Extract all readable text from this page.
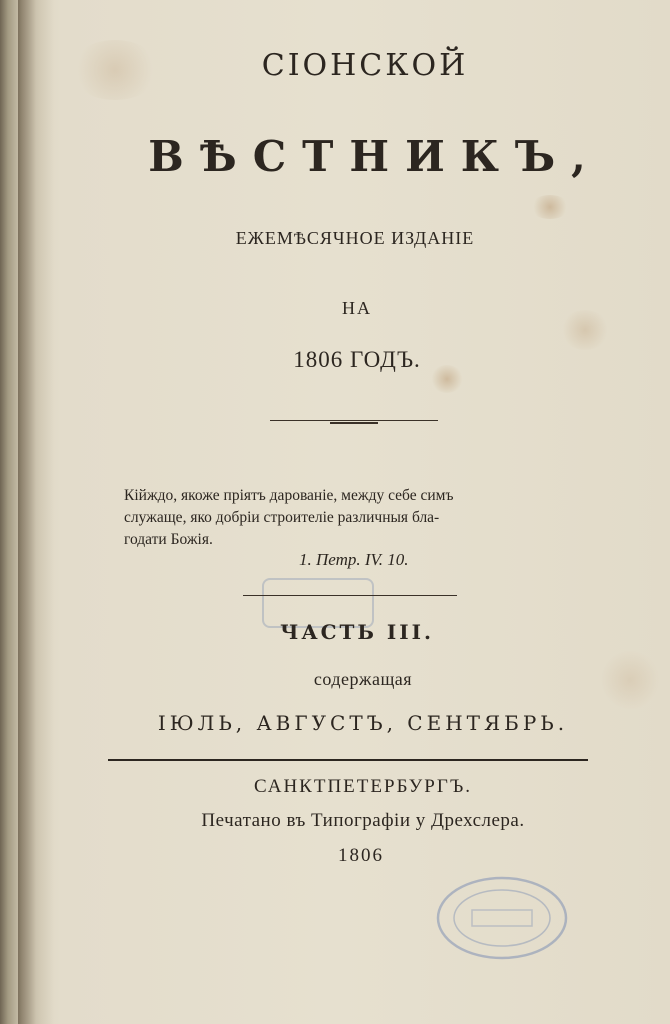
СIОНСКОЙ
ВѢСТНИКЪ,
ЕЖЕМѢСЯЧНОЕ ИЗДАНIЕ
НА
1806 ГОДЪ.
Кiйждо, якоже прiятъ дарованiе, между себе симъ
служаще, яко добрiи строителiе различныя бла-
годати Божiя.
1. Петр. IV. 10.
ЧАСТЬ III.
содержащая
IЮЛЬ, АВГУСТЪ, СЕНТЯБРЬ.
САНКТПЕТЕРБУРГЪ.
Печатано въ Типографiи у Дрехслера.
1806
